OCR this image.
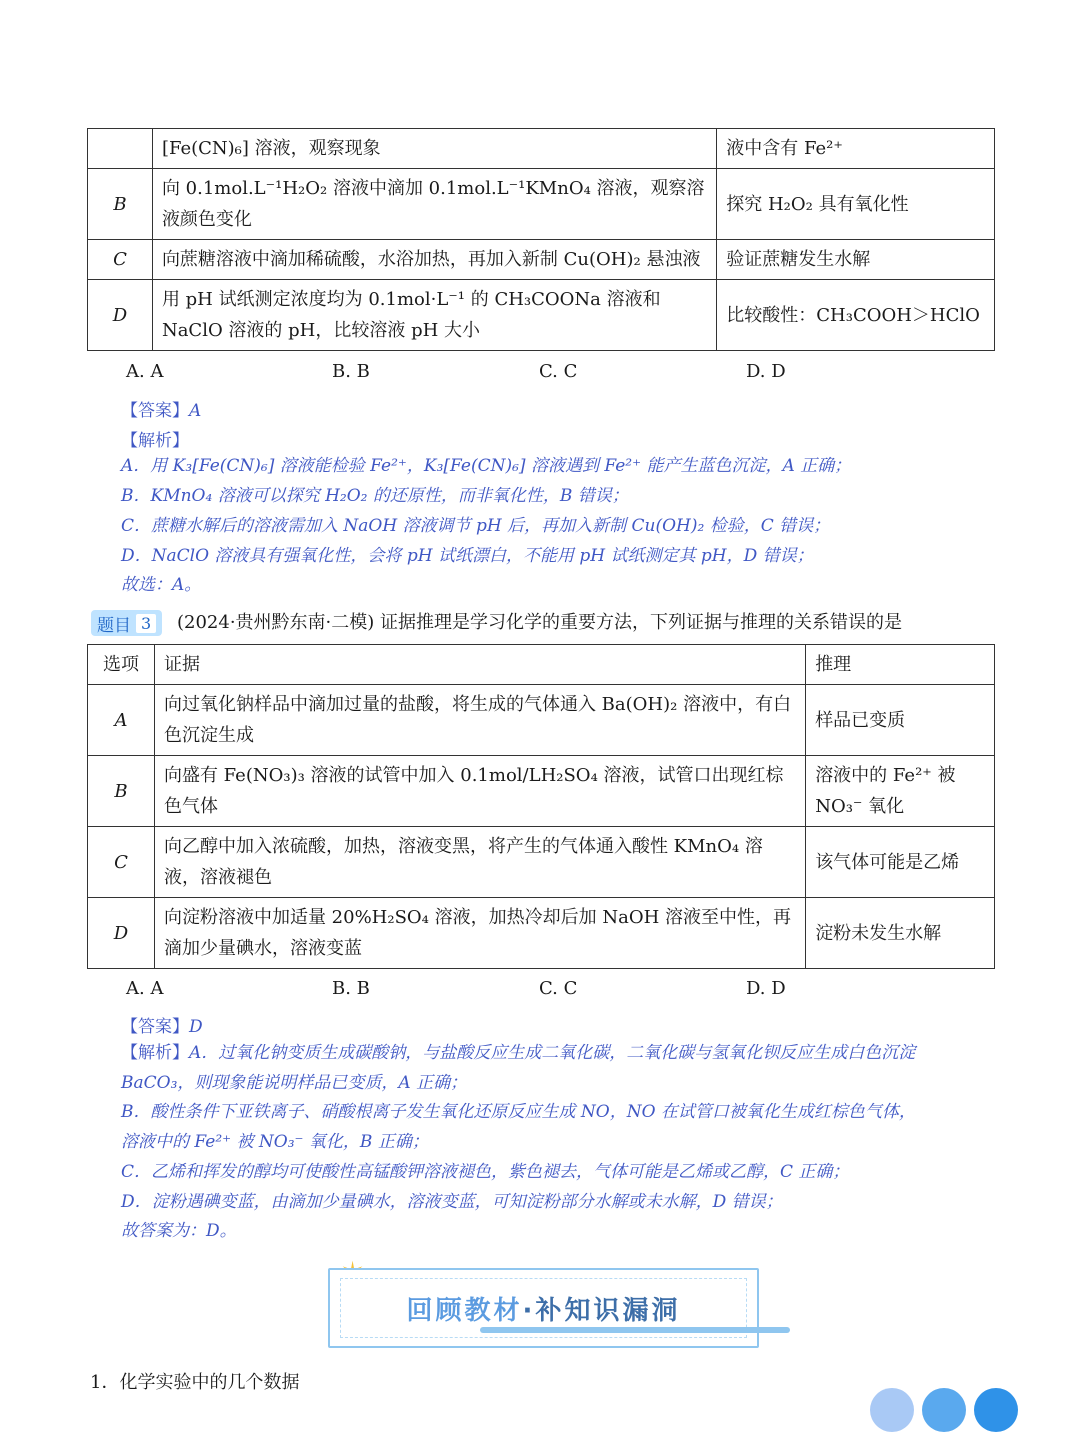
	[Fe(CN)₆] 溶液，观察现象	液中含有 Fe²⁺
B	向 0.1mol.L⁻¹H₂O₂ 溶液中滴加 0.1mol.L⁻¹KMnO₄ 溶液，观察溶液颜色变化	探究 H₂O₂ 具有氧化性
C	向蔗糖溶液中滴加稀硫酸，水浴加热，再加入新制 Cu(OH)₂ 悬浊液	验证蔗糖发生水解
D	用 pH 试纸测定浓度均为 0.1mol·L⁻¹ 的 CH₃COONa 溶液和 NaClO 溶液的 pH，比较溶液 pH 大小	比较酸性：CH₃COOH＞HClO
A. A	B. B	C. C	D. D
【答案】A
【解析】
A．用 K₃[Fe(CN)₆] 溶液能检验 Fe²⁺，K₃[Fe(CN)₆] 溶液遇到 Fe²⁺ 能产生蓝色沉淀，A 正确；
B．KMnO₄ 溶液可以探究 H₂O₂ 的还原性，而非氧化性，B 错误；
C．蔗糖水解后的溶液需加入 NaOH 溶液调节 pH 后，再加入新制 Cu(OH)₂ 检验，C 错误；
D．NaClO 溶液具有强氧化性，会将 pH 试纸漂白，不能用 pH 试纸测定其 pH，D 错误；
故选：A。
题目 3 (2024·贵州黔东南·二模) 证据推理是学习化学的重要方法，下列证据与推理的关系错误的是
选项	证据	推理
A	向过氧化钠样品中滴加过量的盐酸，将生成的气体通入 Ba(OH)₂ 溶液中，有白色沉淀生成	样品已变质
B	向盛有 Fe(NO₃)₃ 溶液的试管中加入 0.1mol/LH₂SO₄ 溶液，试管口出现红棕色气体	溶液中的 Fe²⁺ 被 NO₃⁻ 氧化
C	向乙醇中加入浓硫酸，加热，溶液变黑，将产生的气体通入酸性 KMnO₄ 溶液，溶液褪色	该气体可能是乙烯
D	向淀粉溶液中加适量 20%H₂SO₄ 溶液，加热冷却后加 NaOH 溶液至中性，再滴加少量碘水，溶液变蓝	淀粉未发生水解
A. A	B. B	C. C	D. D
【答案】D
【解析】A．过氧化钠变质生成碳酸钠，与盐酸反应生成二氧化碳，二氧化碳与氢氧化钡反应生成白色沉淀
BaCO₃，则现象能说明样品已变质，A 正确；
B．酸性条件下亚铁离子、硝酸根离子发生氧化还原反应生成 NO，NO 在试管口被氧化生成红棕色气体，
溶液中的 Fe²⁺ 被 NO₃⁻ 氧化，B 正确；
C．乙烯和挥发的醇均可使酸性高锰酸钾溶液褪色，紫色褪去，气体可能是乙烯或乙醇，C 正确；
D．淀粉遇碘变蓝，由滴加少量碘水，溶液变蓝，可知淀粉部分水解或未水解，D 错误；
故答案为：D。
回顾教材·补知识漏洞
1．化学实验中的几个数据
